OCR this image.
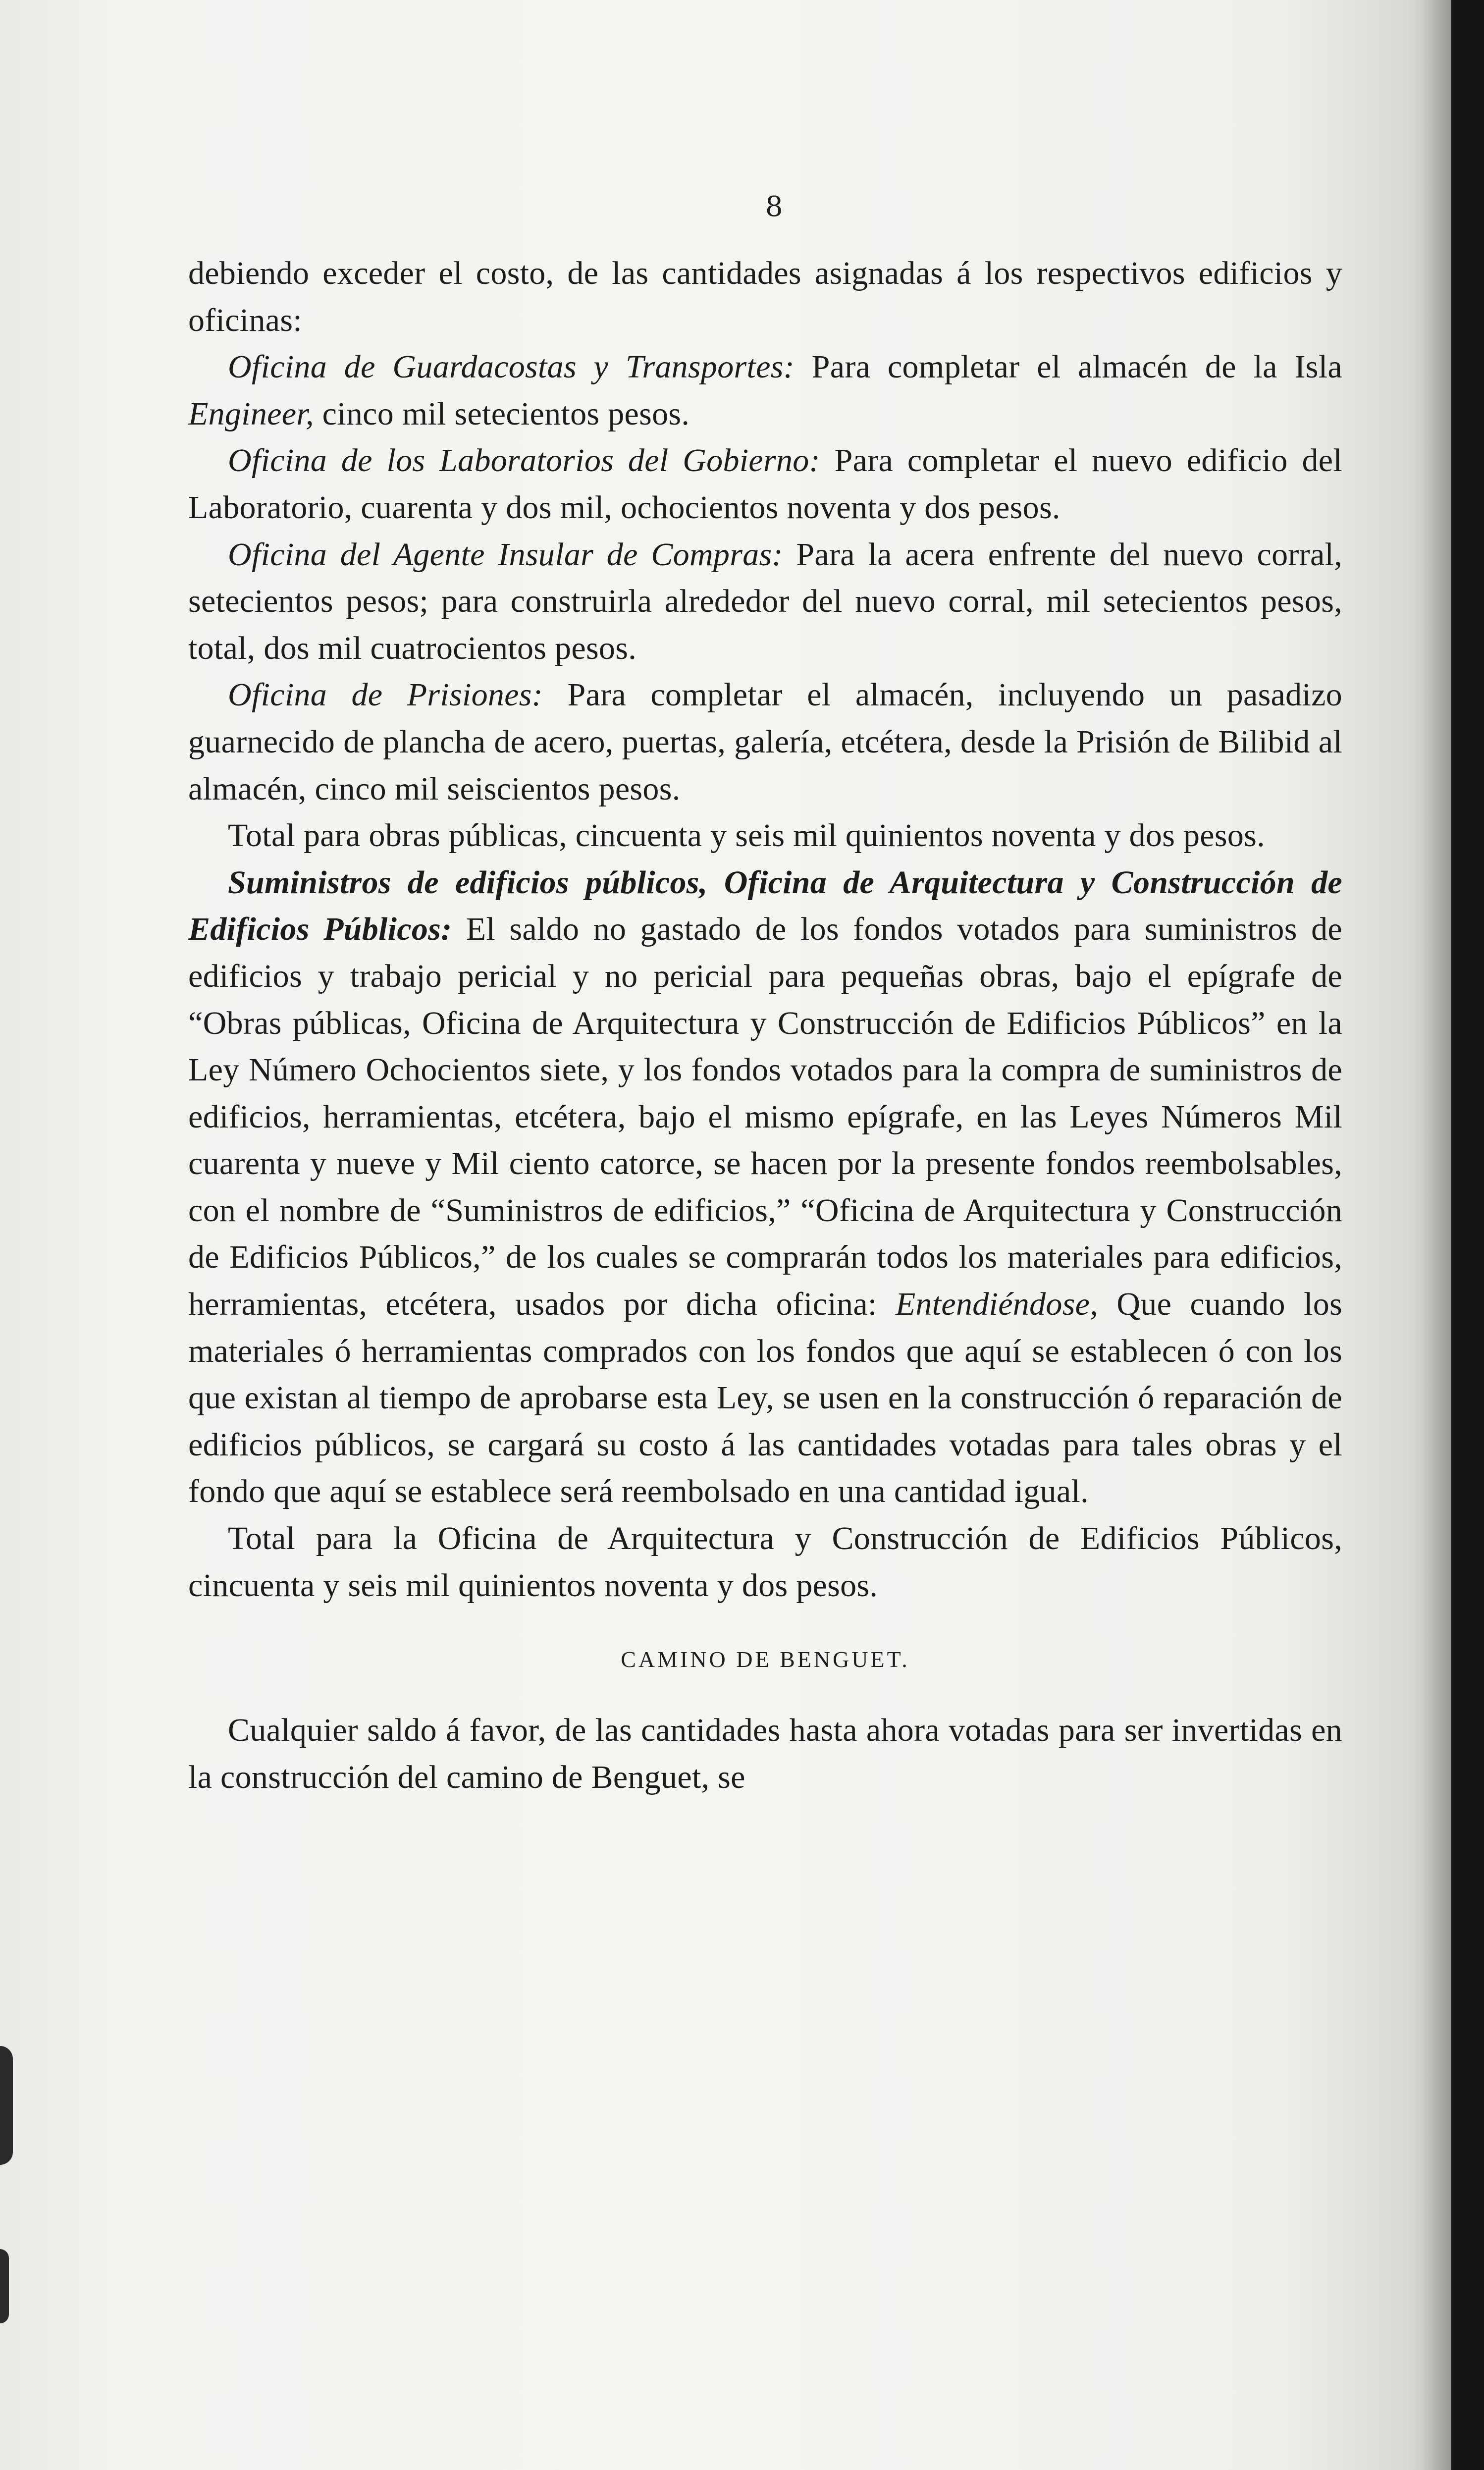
8

debiendo exceder el costo, de las cantidades asignadas á los respectivos edificios y oficinas:

Oficina de Guardacostas y Transportes: Para completar el almacén de la Isla Engineer, cinco mil setecientos pesos.

Oficina de los Laboratorios del Gobierno: Para completar el nuevo edificio del Laboratorio, cuarenta y dos mil, ochocientos noventa y dos pesos.

Oficina del Agente Insular de Compras: Para la acera enfrente del nuevo corral, setecientos pesos; para construirla alrededor del nuevo corral, mil setecientos pesos, total, dos mil cuatrocientos pesos.

Oficina de Prisiones: Para completar el almacén, incluyendo un pasadizo guarnecido de plancha de acero, puertas, galería, etcétera, desde la Prisión de Bilibid al almacén, cinco mil seiscientos pesos.

Total para obras públicas, cincuenta y seis mil quinientos noventa y dos pesos.

Suministros de edificios públicos, Oficina de Arquitectura y Construcción de Edificios Públicos: El saldo no gastado de los fondos votados para suministros de edificios y trabajo pericial y no pericial para pequeñas obras, bajo el epígrafe de “Obras públicas, Oficina de Arquitectura y Construcción de Edificios Públicos” en la Ley Número Ochocientos siete, y los fondos votados para la compra de suministros de edificios, herramientas, etcétera, bajo el mismo epígrafe, en las Leyes Números Mil cuarenta y nueve y Mil ciento catorce, se hacen por la presente fondos reembolsables, con el nombre de “Suministros de edificios,” “Oficina de Arquitectura y Construcción de Edificios Públicos,” de los cuales se comprarán todos los materiales para edificios, herramientas, etcétera, usados por dicha oficina: Entendiéndose, Que cuando los materiales ó herramientas comprados con los fondos que aquí se establecen ó con los que existan al tiempo de aprobarse esta Ley, se usen en la construcción ó reparación de edificios públicos, se cargará su costo á las cantidades votadas para tales obras y el fondo que aquí se establece será reembolsado en una cantidad igual.

Total para la Oficina de Arquitectura y Construcción de Edificios Públicos, cincuenta y seis mil quinientos noventa y dos pesos.

CAMINO DE BENGUET.

Cualquier saldo á favor, de las cantidades hasta ahora votadas para ser invertidas en la construcción del camino de Benguet, se
